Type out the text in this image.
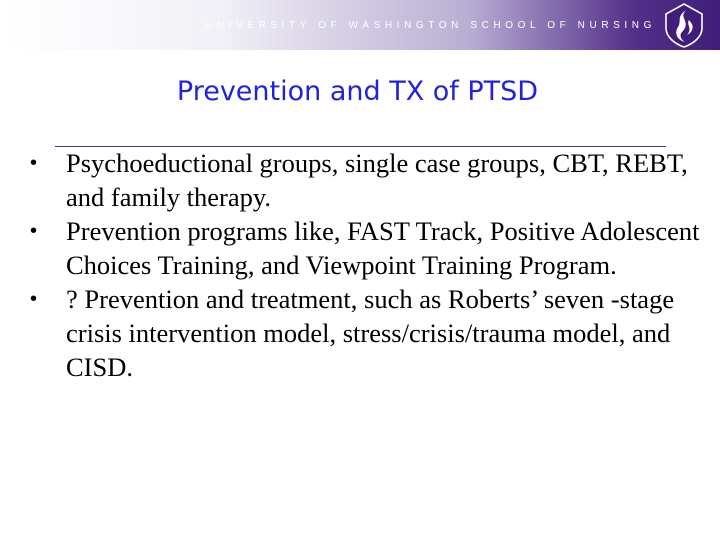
UNIVERSITY OF WASHINGTON SCHOOL OF NURSING
Prevention and TX of PTSD
•	Psychoeductional groups, single case groups, CBT, REBT, and family therapy.
•	Prevention programs like, FAST Track, Positive Adolescent Choices Training, and Viewpoint Training Program.
•	? Prevention and treatment, such as Roberts’ seven -stage crisis intervention model, stress/crisis/trauma model, and CISD.
